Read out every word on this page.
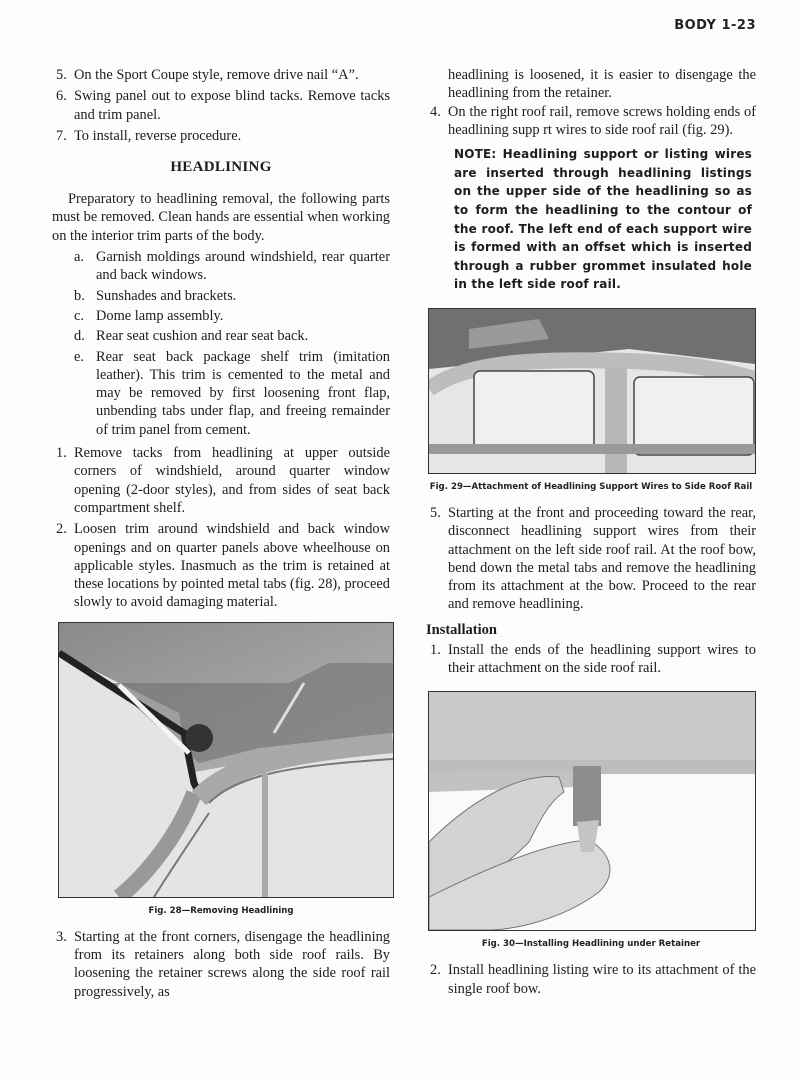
BODY 1-23
5. On the Sport Coupe style, remove drive nail “A”.
6. Swing panel out to expose blind tacks. Remove tacks and trim panel.
7. To install, reverse procedure.
HEADLINING

Preparatory to headlining removal, the following parts must be removed. Clean hands are essential when working on the interior trim parts of the body.

a. Garnish moldings around windshield, rear quarter and back windows.
b. Sunshades and brackets.
c. Dome lamp assembly.
d. Rear seat cushion and rear seat back.
e. Rear seat back package shelf trim (imitation leather). This trim is cemented to the metal and may be removed by first loosening front flap, unbending tabs under flap, and freeing remainder of trim panel from cement.
1. Remove tacks from headlining at upper outside corners of windshield, around quarter window opening (2-door styles), and from sides of seat back compartment shelf.
2. Loosen trim around windshield and back window openings and on quarter panels above wheelhouse on applicable styles. Inasmuch as the trim is retained at these locations by pointed metal tabs (fig. 28), proceed slowly to avoid damaging material.
Fig. 28—Removing Headlining
3. Starting at the front corners, disengage the headlining from its retainers along both side roof rails. By loosening the retainer screws along the side roof rail progressively, as

headlining is loosened, it is easier to disengage the headlining from the retainer.

4. On the right roof rail, remove screws holding ends of headlining supp rt wires to side roof rail (fig. 29).
NOTE: Headlining support or listing wires are inserted through headlining listings on the upper side of the headlining so as to form the headlining to the contour of the roof. The left end of each support wire is formed with an offset which is inserted through a rubber grommet insulated hole in the left side roof rail.
Fig. 29—Attachment of Headlining Support Wires to Side Roof Rail
5. Starting at the front and proceeding toward the rear, disconnect headlining support wires from their attachment on the left side roof rail. At the roof bow, bend down the metal tabs and remove the headlining from its attachment at the bow. Proceed to the rear and remove headlining.
Installation
1. Install the ends of the headlining support wires to their attachment on the side roof rail.
Fig. 30—Installing Headlining under Retainer
2. Install headlining listing wire to its attachment of the single roof bow.
